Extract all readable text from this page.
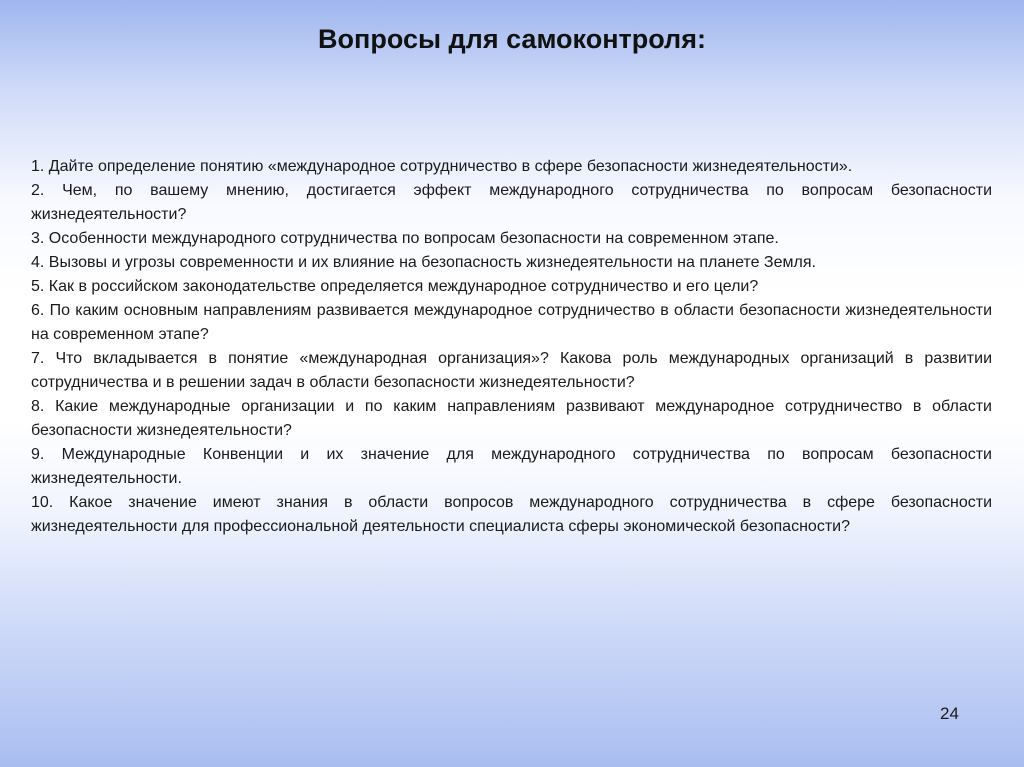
Вопросы для самоконтроля:
1. Дайте определение понятию «международное сотрудничество в сфере безопасности жизнедеятельности».
2. Чем, по вашему мнению, достигается эффект международного сотрудничества по вопросам безопасности жизнедеятельности?
3. Особенности международного сотрудничества по вопросам безопасности на современном этапе.
4. Вызовы и угрозы современности и их влияние на безопасность жизнедеятельности на планете Земля.
5. Как в российском законодательстве определяется международное сотрудничество и его цели?
6. По каким основным направлениям развивается международное сотрудничество в области безопасности жизнедеятельности на современном этапе?
7. Что вкладывается в понятие «международная организация»? Какова роль международных организаций в развитии сотрудничества и в решении задач в области безопасности жизнедеятельности?
8. Какие международные организации и по каким направлениям развивают международное сотрудничество в области безопасности жизнедеятельности?
9. Международные Конвенции и их значение для международного сотрудничества по вопросам безопасности жизнедеятельности.
10. Какое значение имеют знания в области вопросов международного сотрудничества в сфере безопасности жизнедеятельности для профессиональной деятельности специалиста сферы экономической безопасности?
24
